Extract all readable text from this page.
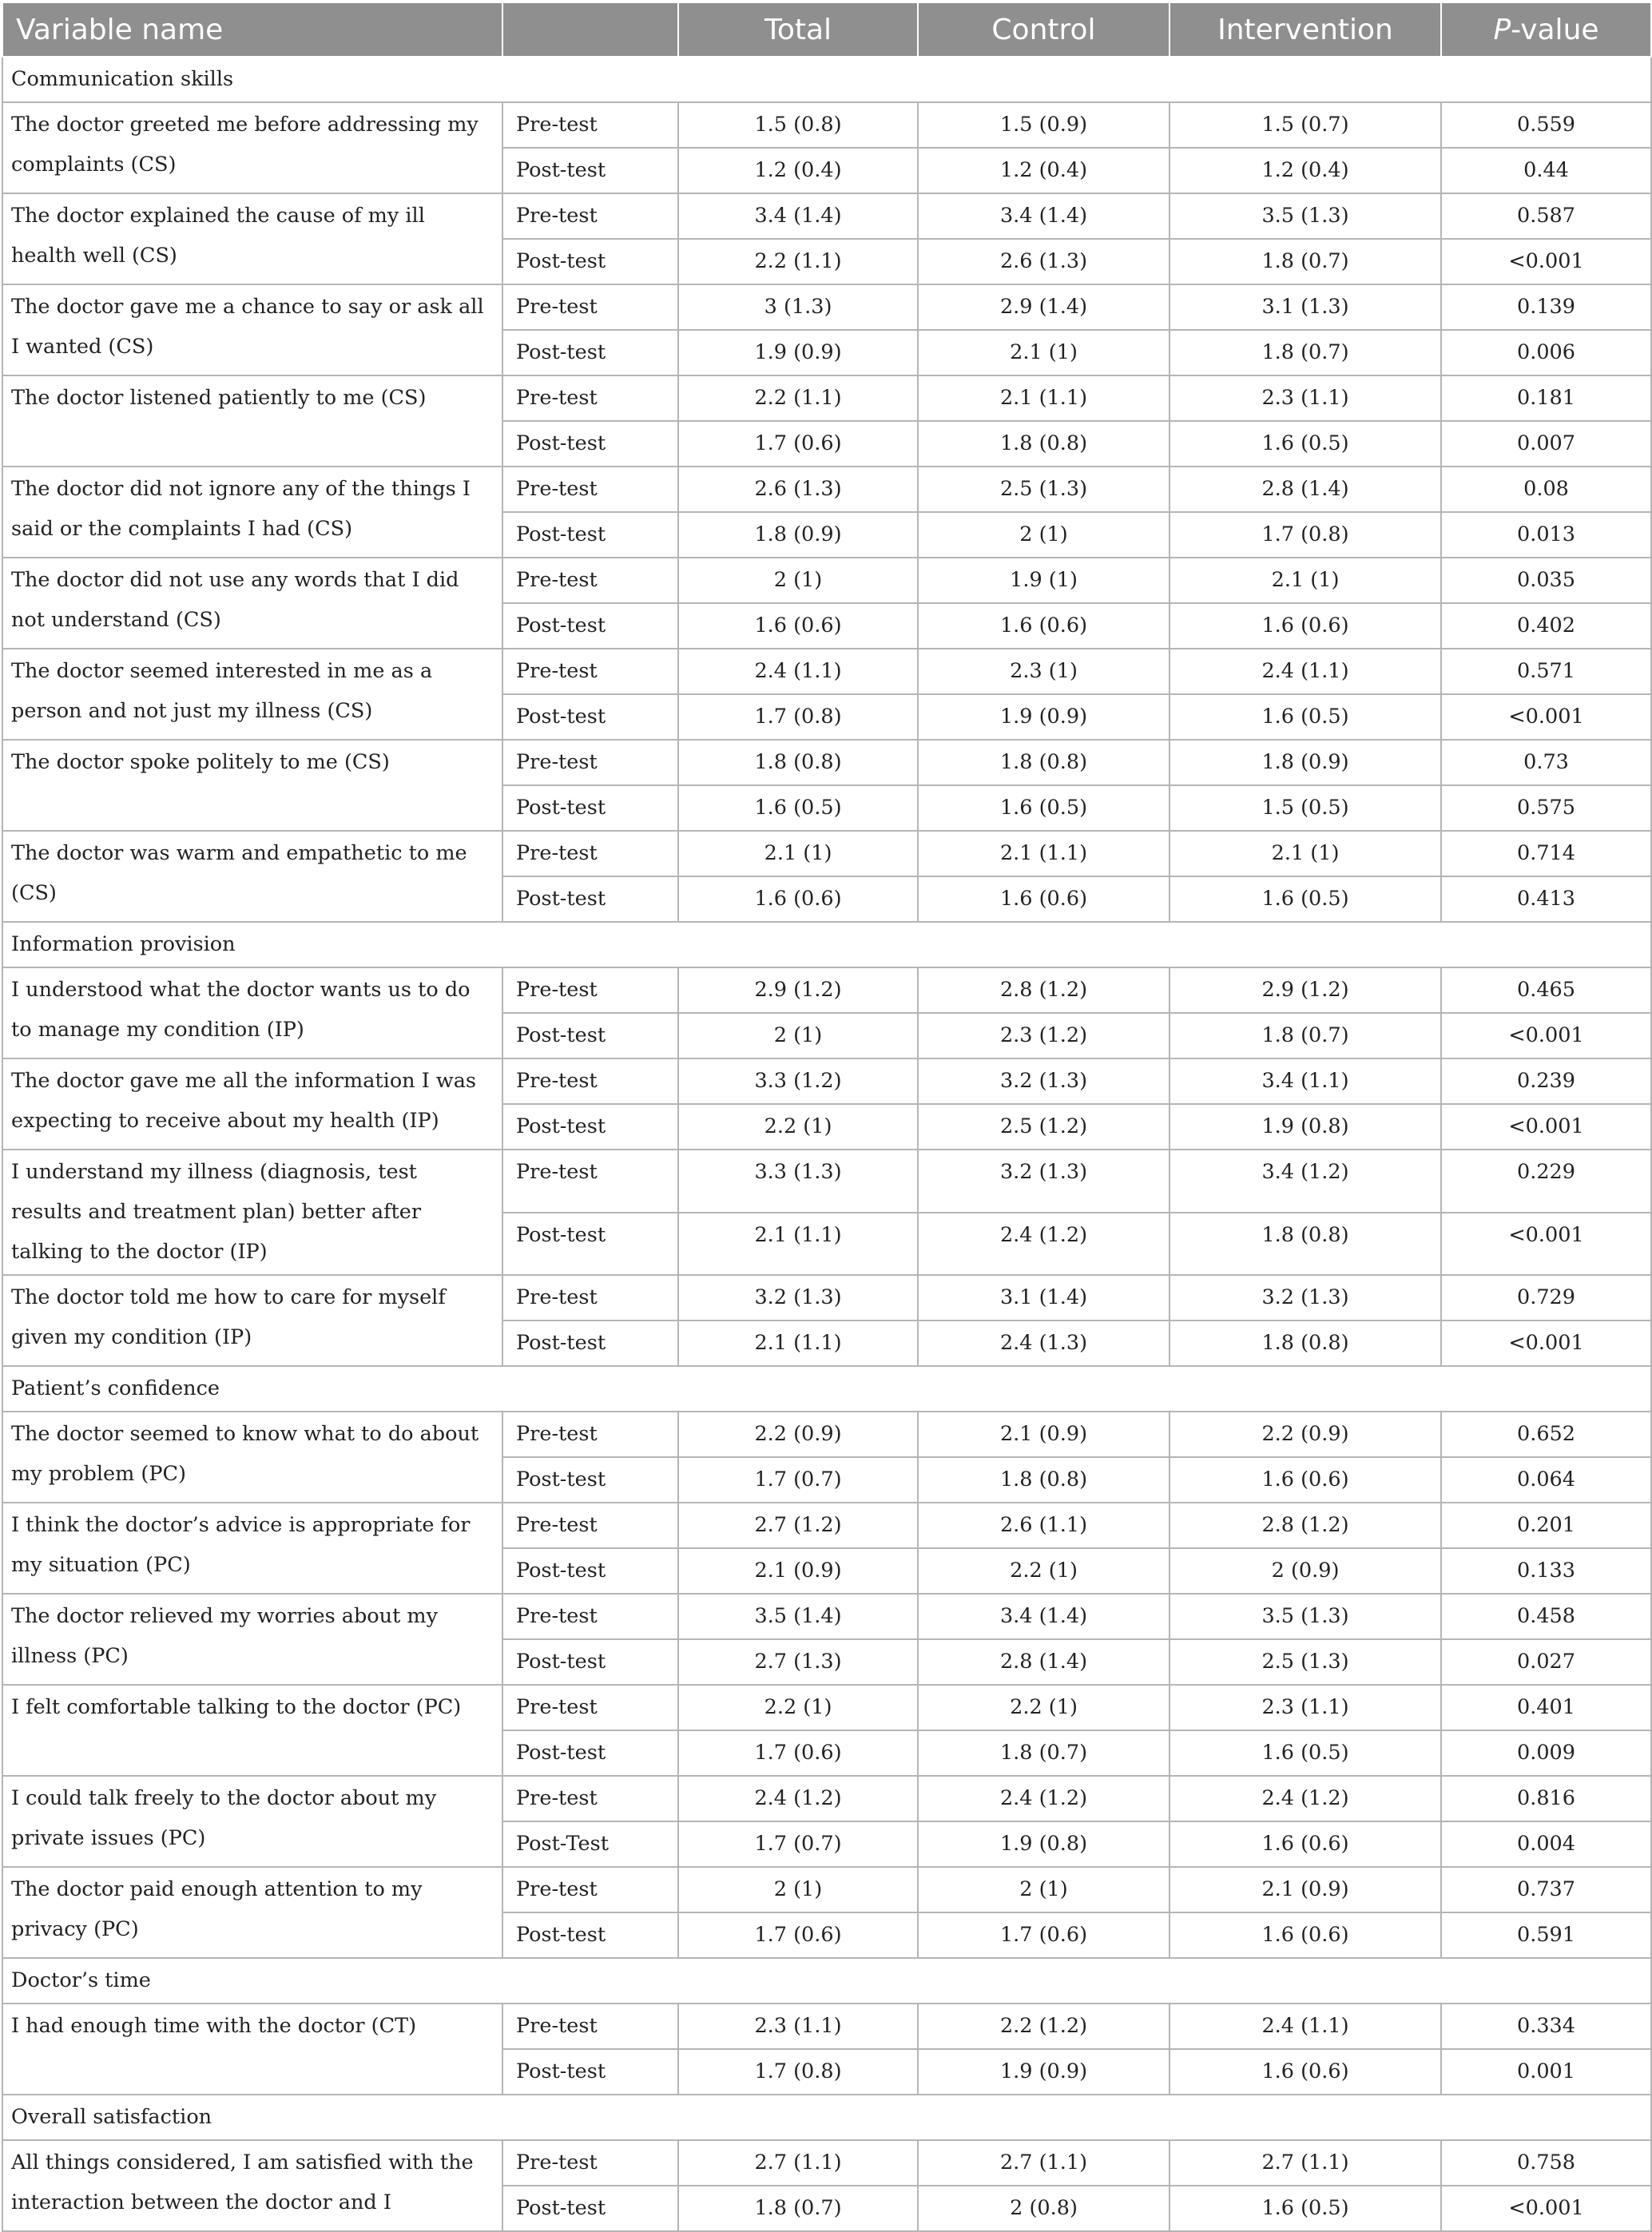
Variable name		Total	Control	Intervention	P-value
Communication skills					
The doctor greeted me before addressing my complaints (CS)	Pre-test	1.5 (0.8)	1.5 (0.9)	1.5 (0.7)	0.559
	Post-test	1.2 (0.4)	1.2 (0.4)	1.2 (0.4)	0.44
The doctor explained the cause of my ill health well (CS)	Pre-test	3.4 (1.4)	3.4 (1.4)	3.5 (1.3)	0.587
	Post-test	2.2 (1.1)	2.6 (1.3)	1.8 (0.7)	<0.001
The doctor gave me a chance to say or ask all I wanted (CS)	Pre-test	3 (1.3)	2.9 (1.4)	3.1 (1.3)	0.139
	Post-test	1.9 (0.9)	2.1 (1)	1.8 (0.7)	0.006
The doctor listened patiently to me (CS)	Pre-test	2.2 (1.1)	2.1 (1.1)	2.3 (1.1)	0.181
	Post-test	1.7 (0.6)	1.8 (0.8)	1.6 (0.5)	0.007
The doctor did not ignore any of the things I said or the complaints I had (CS)	Pre-test	2.6 (1.3)	2.5 (1.3)	2.8 (1.4)	0.08
	Post-test	1.8 (0.9)	2 (1)	1.7 (0.8)	0.013
The doctor did not use any words that I did not understand (CS)	Pre-test	2 (1)	1.9 (1)	2.1 (1)	0.035
	Post-test	1.6 (0.6)	1.6 (0.6)	1.6 (0.6)	0.402
The doctor seemed interested in me as a person and not just my illness (CS)	Pre-test	2.4 (1.1)	2.3 (1)	2.4 (1.1)	0.571
	Post-test	1.7 (0.8)	1.9 (0.9)	1.6 (0.5)	<0.001
The doctor spoke politely to me (CS)	Pre-test	1.8 (0.8)	1.8 (0.8)	1.8 (0.9)	0.73
	Post-test	1.6 (0.5)	1.6 (0.5)	1.5 (0.5)	0.575
The doctor was warm and empathetic to me (CS)	Pre-test	2.1 (1)	2.1 (1.1)	2.1 (1)	0.714
	Post-test	1.6 (0.6)	1.6 (0.6)	1.6 (0.5)	0.413
Information provision					
I understood what the doctor wants us to do to manage my condition (IP)	Pre-test	2.9 (1.2)	2.8 (1.2)	2.9 (1.2)	0.465
	Post-test	2 (1)	2.3 (1.2)	1.8 (0.7)	<0.001
The doctor gave me all the information I was expecting to receive about my health (IP)	Pre-test	3.3 (1.2)	3.2 (1.3)	3.4 (1.1)	0.239
	Post-test	2.2 (1)	2.5 (1.2)	1.9 (0.8)	<0.001
I understand my illness (diagnosis, test results and treatment plan) better after talking to the doctor (IP)	Pre-test	3.3 (1.3)	3.2 (1.3)	3.4 (1.2)	0.229
	Post-test	2.1 (1.1)	2.4 (1.2)	1.8 (0.8)	<0.001
The doctor told me how to care for myself given my condition (IP)	Pre-test	3.2 (1.3)	3.1 (1.4)	3.2 (1.3)	0.729
	Post-test	2.1 (1.1)	2.4 (1.3)	1.8 (0.8)	<0.001
Patient’s confidence					
The doctor seemed to know what to do about my problem (PC)	Pre-test	2.2 (0.9)	2.1 (0.9)	2.2 (0.9)	0.652
	Post-test	1.7 (0.7)	1.8 (0.8)	1.6 (0.6)	0.064
I think the doctor’s advice is appropriate for my situation (PC)	Pre-test	2.7 (1.2)	2.6 (1.1)	2.8 (1.2)	0.201
	Post-test	2.1 (0.9)	2.2 (1)	2 (0.9)	0.133
The doctor relieved my worries about my illness (PC)	Pre-test	3.5 (1.4)	3.4 (1.4)	3.5 (1.3)	0.458
	Post-test	2.7 (1.3)	2.8 (1.4)	2.5 (1.3)	0.027
I felt comfortable talking to the doctor (PC)	Pre-test	2.2 (1)	2.2 (1)	2.3 (1.1)	0.401
	Post-test	1.7 (0.6)	1.8 (0.7)	1.6 (0.5)	0.009
I could talk freely to the doctor about my private issues (PC)	Pre-test	2.4 (1.2)	2.4 (1.2)	2.4 (1.2)	0.816
	Post-Test	1.7 (0.7)	1.9 (0.8)	1.6 (0.6)	0.004
The doctor paid enough attention to my privacy (PC)	Pre-test	2 (1)	2 (1)	2.1 (0.9)	0.737
	Post-test	1.7 (0.6)	1.7 (0.6)	1.6 (0.6)	0.591
Doctor’s time					
I had enough time with the doctor (CT)	Pre-test	2.3 (1.1)	2.2 (1.2)	2.4 (1.1)	0.334
	Post-test	1.7 (0.8)	1.9 (0.9)	1.6 (0.6)	0.001
Overall satisfaction					
All things considered, I am satisfied with the interaction between the doctor and I	Pre-test	2.7 (1.1)	2.7 (1.1)	2.7 (1.1)	0.758
	Post-test	1.8 (0.7)	2 (0.8)	1.6 (0.5)	<0.001
